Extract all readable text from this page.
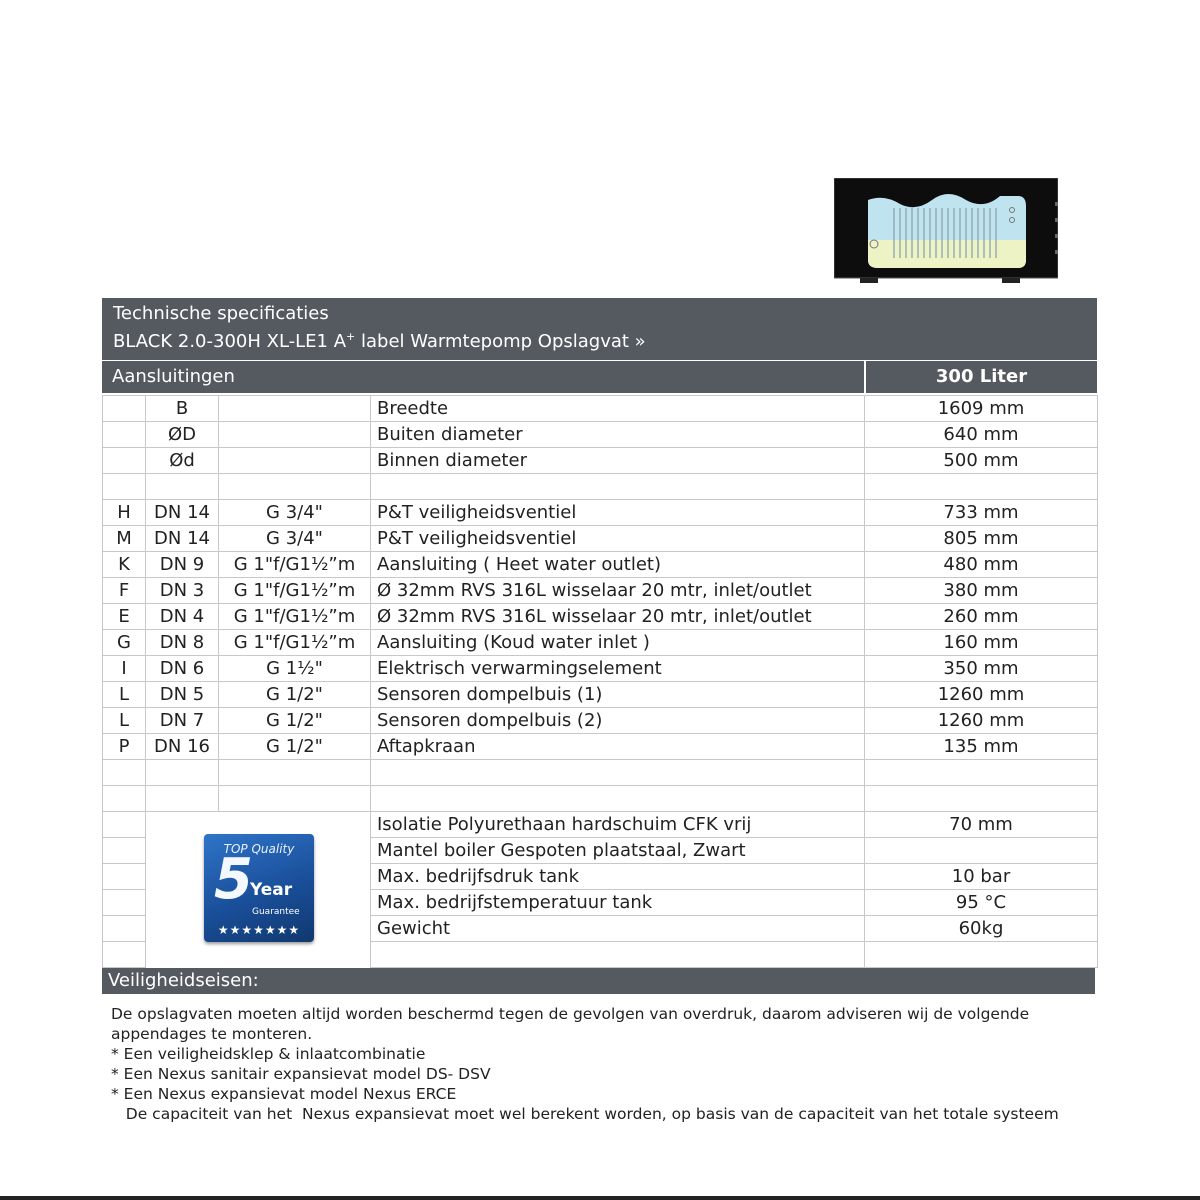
Technische specificaties
BLACK 2.0-300H XL-LE1 A+ label Warmtepomp Opslagvat »
Aansluitingen	300 Liter
	B		Breedte	1609 mm
	ØD		Buiten diameter	640 mm
	Ød		Binnen diameter	500 mm

H	DN 14	G 3/4"	P&T veiligheidsventiel	733 mm
M	DN 14	G 3/4"	P&T veiligheidsventiel	805 mm
K	DN 9	G 1"f/G1½”m	Aansluiting ( Heet water outlet)	480 mm
F	DN 3	G 1"f/G1½”m	Ø 32mm RVS 316L wisselaar 20 mtr, inlet/outlet	380 mm
E	DN 4	G 1"f/G1½”m	Ø 32mm RVS 316L wisselaar 20 mtr, inlet/outlet	260 mm
G	DN 8	G 1"f/G1½”m	Aansluiting (Koud water inlet )	160 mm
I	DN 6	G 1½"	Elektrisch verwarmingselement	350 mm
L	DN 5	G 1/2"	Sensoren dompelbuis (1)	1260 mm
L	DN 7	G 1/2"	Sensoren dompelbuis (2)	1260 mm
P	DN 16	G 1/2"	Aftapkraan	135 mm

	TOP Quality
5
Year
Guarantee
★★★★★★★		Isolatie Polyurethaan hardschuim CFK vrij	70 mm
			Mantel boiler Gespoten plaatstaal, Zwart	
			Max. bedrijfsdruk tank	10 bar
			Max. bedrijfstemperatuur tank	95 °C
			Gewicht	60kg

Veiligheidseisen:
De opslagvaten moeten altijd worden beschermd tegen de gevolgen van overdruk, daarom adviseren wij de volgende
appendages te monteren.
* Een veiligheidsklep & inlaatcombinatie
* Een Nexus sanitair expansievat model DS- DSV
* Een Nexus expansievat model Nexus ERCE
De capaciteit van het  Nexus expansievat moet wel berekent worden, op basis van de capaciteit van het totale systeem
